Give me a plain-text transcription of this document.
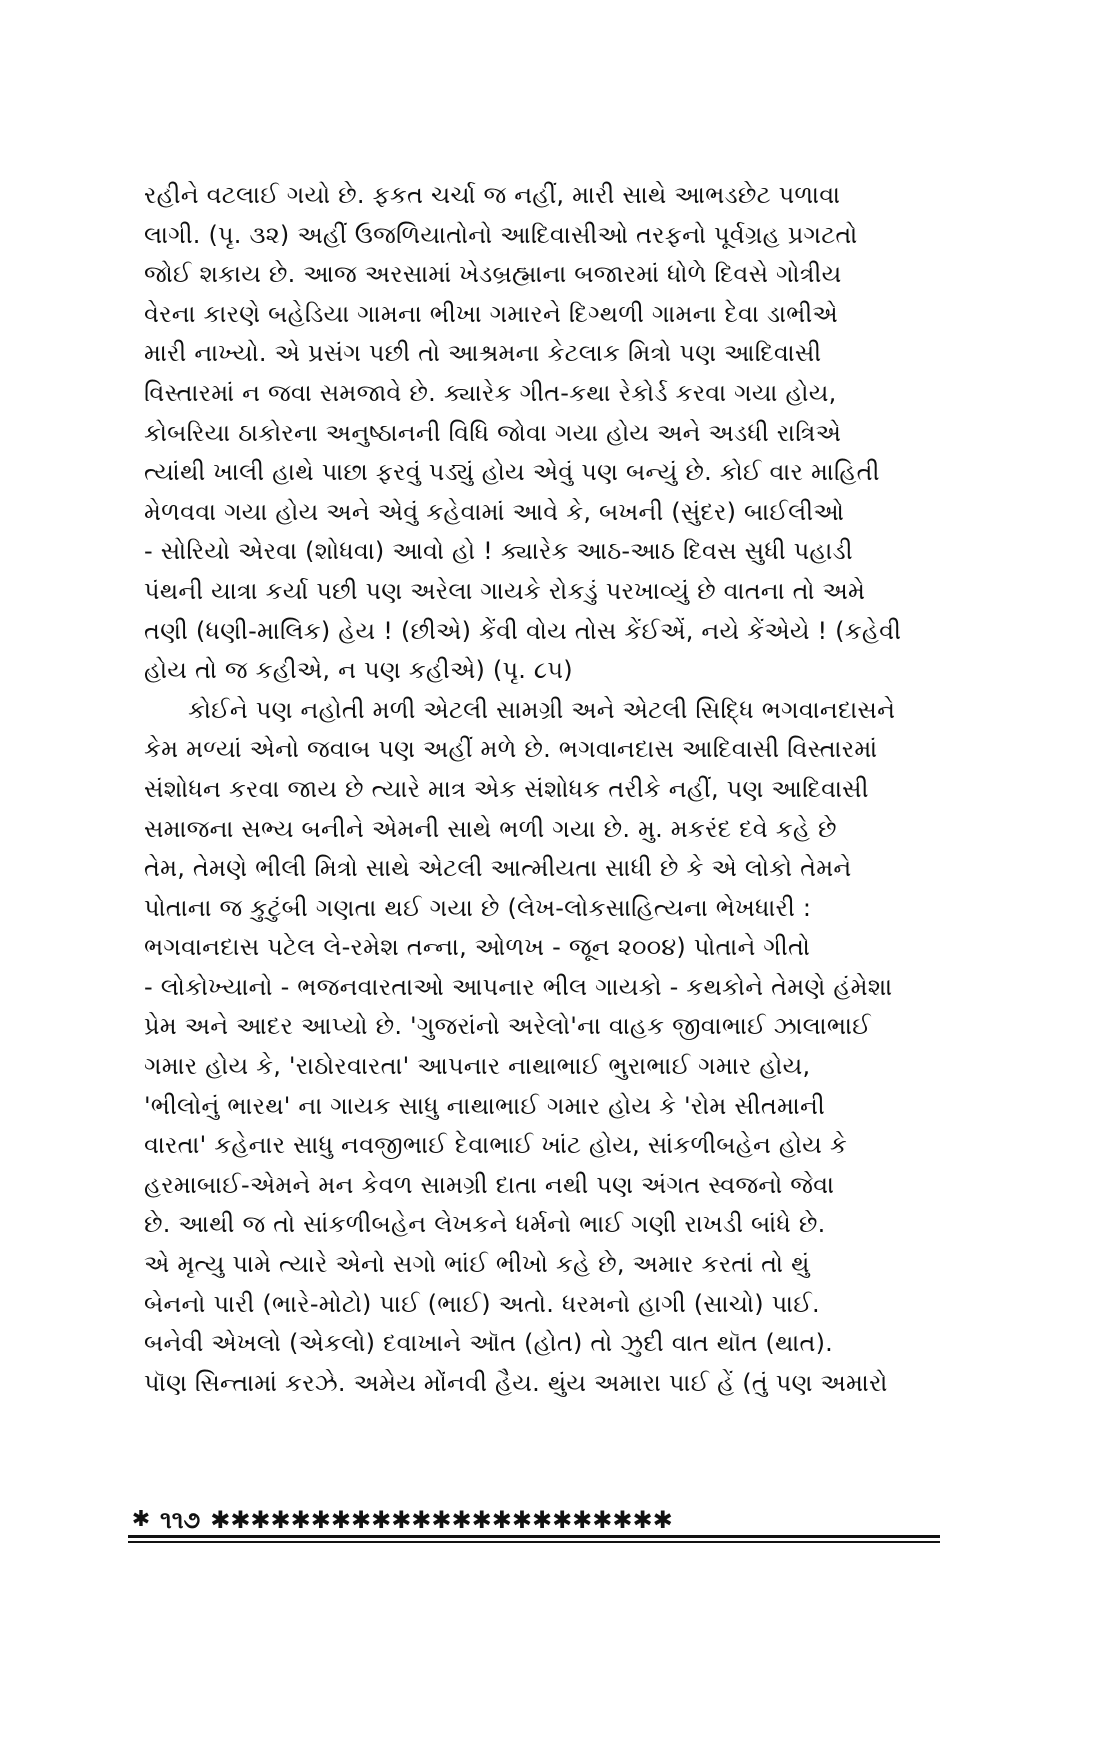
રહીને વટલાઈ ગયો છે. ફકત ચર્ચા જ નહીં, મારી સાથે આભડછેટ પળાવા
લાગી. (પૃ. ૩૨) અહીં ઉજળિયાતોનો આદિવાસીઓ તરફનો પૂર્વગ્રહ પ્રગટતો
જોઈ શકાય છે. આજ અરસામાં ખેડબ્રહ્માના બજારમાં ધોળે દિવસે ગોત્રીય
વેરના કારણે બહેડિયા ગામના ભીખા ગમારને દિગ્થળી ગામના દેવા ડાભીએ
મારી નાખ્યો. એ પ્રસંગ પછી તો આશ્રમના કેટલાક મિત્રો પણ આદિવાસી
વિસ્તારમાં ન જવા સમજાવે છે. ક્યારેક ગીત-કથા રેકોર્ડ કરવા ગયા હોય,
કોબરિયા ઠાકોરના અનુષ્ઠાનની વિધિ જોવા ગયા હોય અને અડધી રાત્રિએ
ત્યાંથી ખાલી હાથે પાછા ફરવું પડ્યું હોય એવું પણ બન્યું છે. કોઈ વાર માહિતી
મેળવવા ગયા હોય અને એવું કહેવામાં આવે કે, બખની (સુંદર) બાઈલીઓ
- સોરિયો એરવા (શોધવા) આવો હો ! ક્યારેક આઠ-આઠ દિવસ સુધી પહાડી
પંથની યાત્રા કર્યા પછી પણ અરેલા ગાયકે રોકડું પરખાવ્યું છે વાતના તો અમે
તણી (ધણી-માલિક) હેય ! (છીએ) કેંવી વોય તોસ કેંઈએં, નયે કેંએયે ! (કહેવી
હોય તો જ કહીએ, ન પણ કહીએ) (પૃ. ૮૫)
કોઈને પણ નહોતી મળી એટલી સામગ્રી અને એટલી સિદ્ધિ ભગવાનદાસને
કેમ મળ્યાં એનો જવાબ પણ અહીં મળે છે. ભગવાનદાસ આદિવાસી વિસ્તારમાં
સંશોધન કરવા જાય છે ત્યારે માત્ર એક સંશોધક તરીકે નહીં, પણ આદિવાસી
સમાજના સભ્ય બનીને એમની સાથે ભળી ગયા છે. મુ. મકરંદ દવે કહે છે
તેમ, તેમણે ભીલી મિત્રો સાથે એટલી આત્મીયતા સાધી છે કે એ લોકો તેમને
પોતાના જ કુટુંબી ગણતા થઈ ગયા છે (લેખ-લોકસાહિત્યના ભેખધારી :
ભગવાનદાસ પટેલ લે-રમેશ તન્ના, ઓળખ - જૂન ૨૦૦૪) પોતાને ગીતો
- લોકોખ્યાનો - ભજનવારતાઓ આપનાર ભીલ ગાયકો - કથકોને તેમણે હંમેશા
પ્રેમ અને આદર આપ્યો છે. 'ગુજરાંનો અરેલો'ના વાહક જીવાભાઈ ઝાલાભાઈ
ગમાર હોય કે, 'રાઠોરવારતા' આપનાર નાથાભાઈ ભુરાભાઈ ગમાર હોય,
'ભીલોનું ભારથ' ના ગાયક સાધુ નાથાભાઈ ગમાર હોય કે 'રોમ સીતમાની
વારતા' કહેનાર સાધુ નવજીભાઈ દેવાભાઈ ખાંટ હોય, સાંકળીબહેન હોય કે
હરમાબાઈ-એમને મન કેવળ સામગ્રી દાતા નથી પણ અંગત સ્વજનો જેવા
છે. આથી જ તો સાંકળીબહેન લેખકને ધર્મનો ભાઈ ગણી રાખડી બાંધે છે.
એ મૃત્યુ પામે ત્યારે એનો સગો ભાંઈ ભીખો કહે છે, અમાર કરતાં તો થું
બેનનો પારી (ભારે-મોટો) પાઈ (ભાઈ) અતો. ધરમનો હાગી (સાચો) પાઈ.
બનેવી એખલો (એકલો) દવાખાને ઑત (હોત) તો ઝુદી વાત થૉત (થાત).
પૉણ સિન્તામાં કરઝે. અમેય મોંનવી હૈય. થુંય અમારા પાઈ હેં (તું પણ અમારો
✱ ૧૧૭ ✱✱✱✱✱✱✱✱✱✱✱✱✱✱✱✱✱✱✱✱✱✱✱
